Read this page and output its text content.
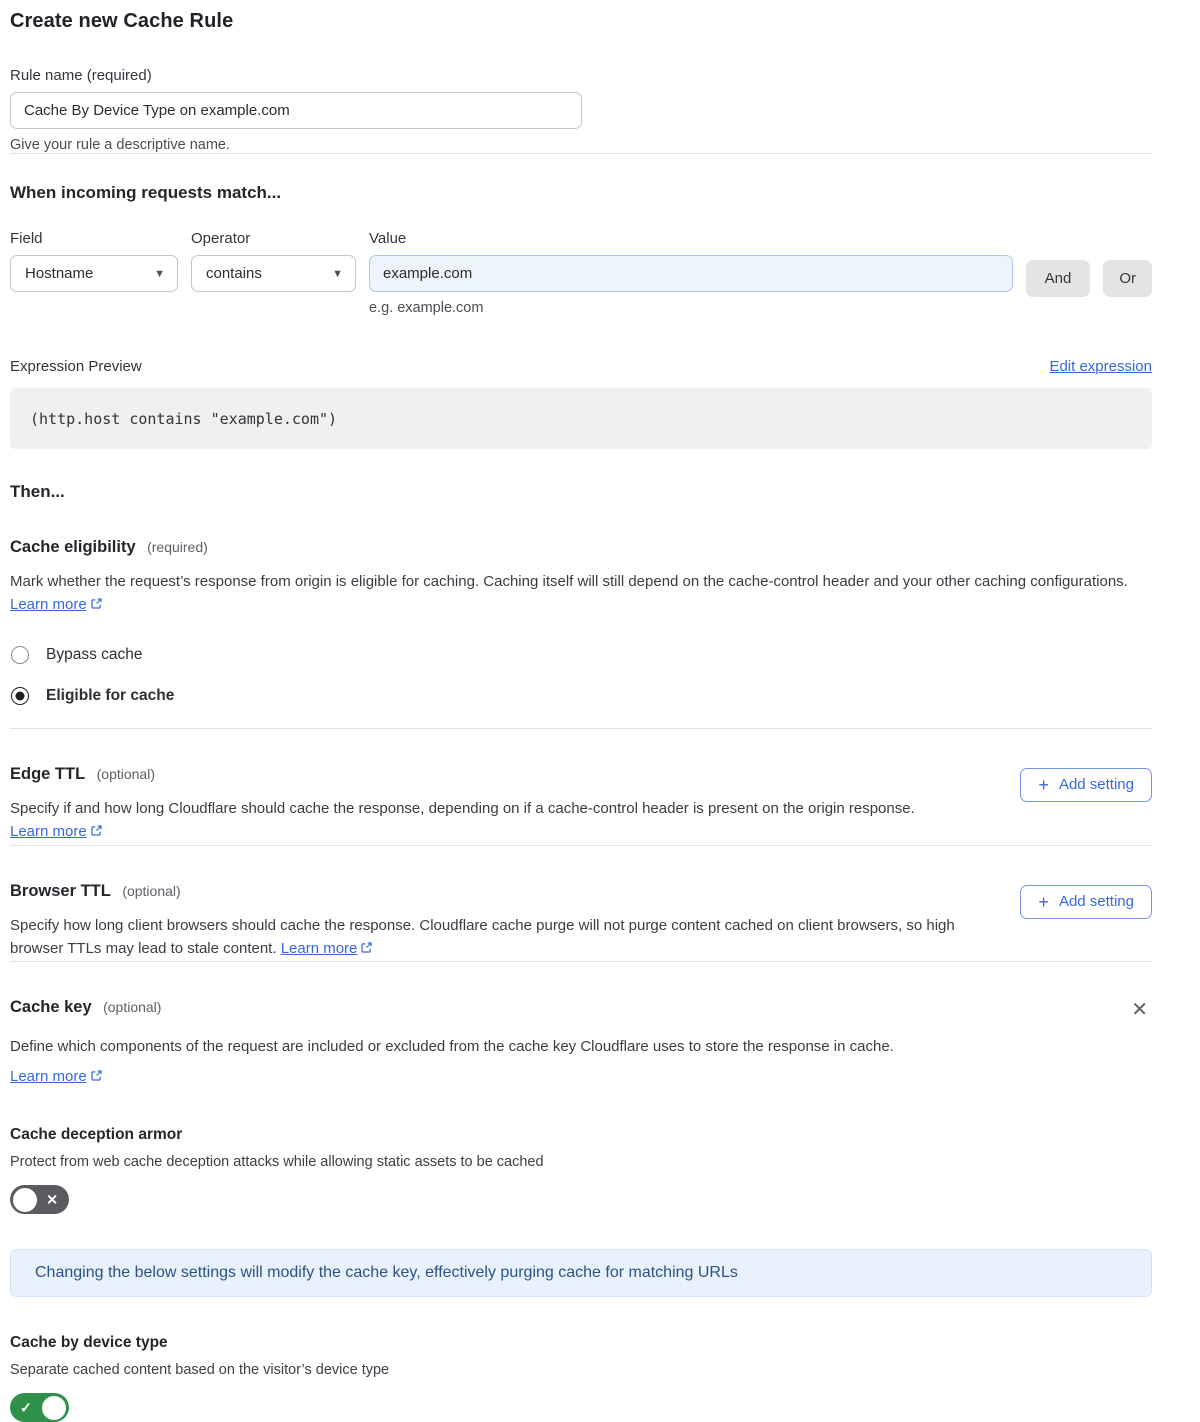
Create new Cache Rule
Rule name (required)
Cache By Device Type on example.com
Give your rule a descriptive name.
When incoming requests match...
Field
Hostname	▼
Operator
contains	▼
Value
example.com
e.g. example.com
And	Or
Expression Preview	Edit expression
(http.host contains "example.com")
Then...
Cache eligibility (required)

Mark whether the request’s response from origin is eligible for caching. Caching itself will still depend on the cache-control header and your other caching configurations. Learn more

Bypass cache
Eligible for cache
Edge TTL (optional)

Specify if and how long Cloudflare should cache the response, depending on if a cache-control header is present on the origin response. Learn more

+ Add setting
Browser TTL (optional)

Specify how long client browsers should cache the response. Cloudflare cache purge will not purge content cached on client browsers, so high browser TTLs may lead to stale content. Learn more

+ Add setting
Cache key (optional)	✕

Define which components of the request are included or excluded from the cache key Cloudflare uses to store the response in cache.

Learn more
Cache deception armor
Protect from web cache deception attacks while allowing static assets to be cached
✕
Changing the below settings will modify the cache key, effectively purging cache for matching URLs
Cache by device type
Separate cached content based on the visitor’s device type
✓
